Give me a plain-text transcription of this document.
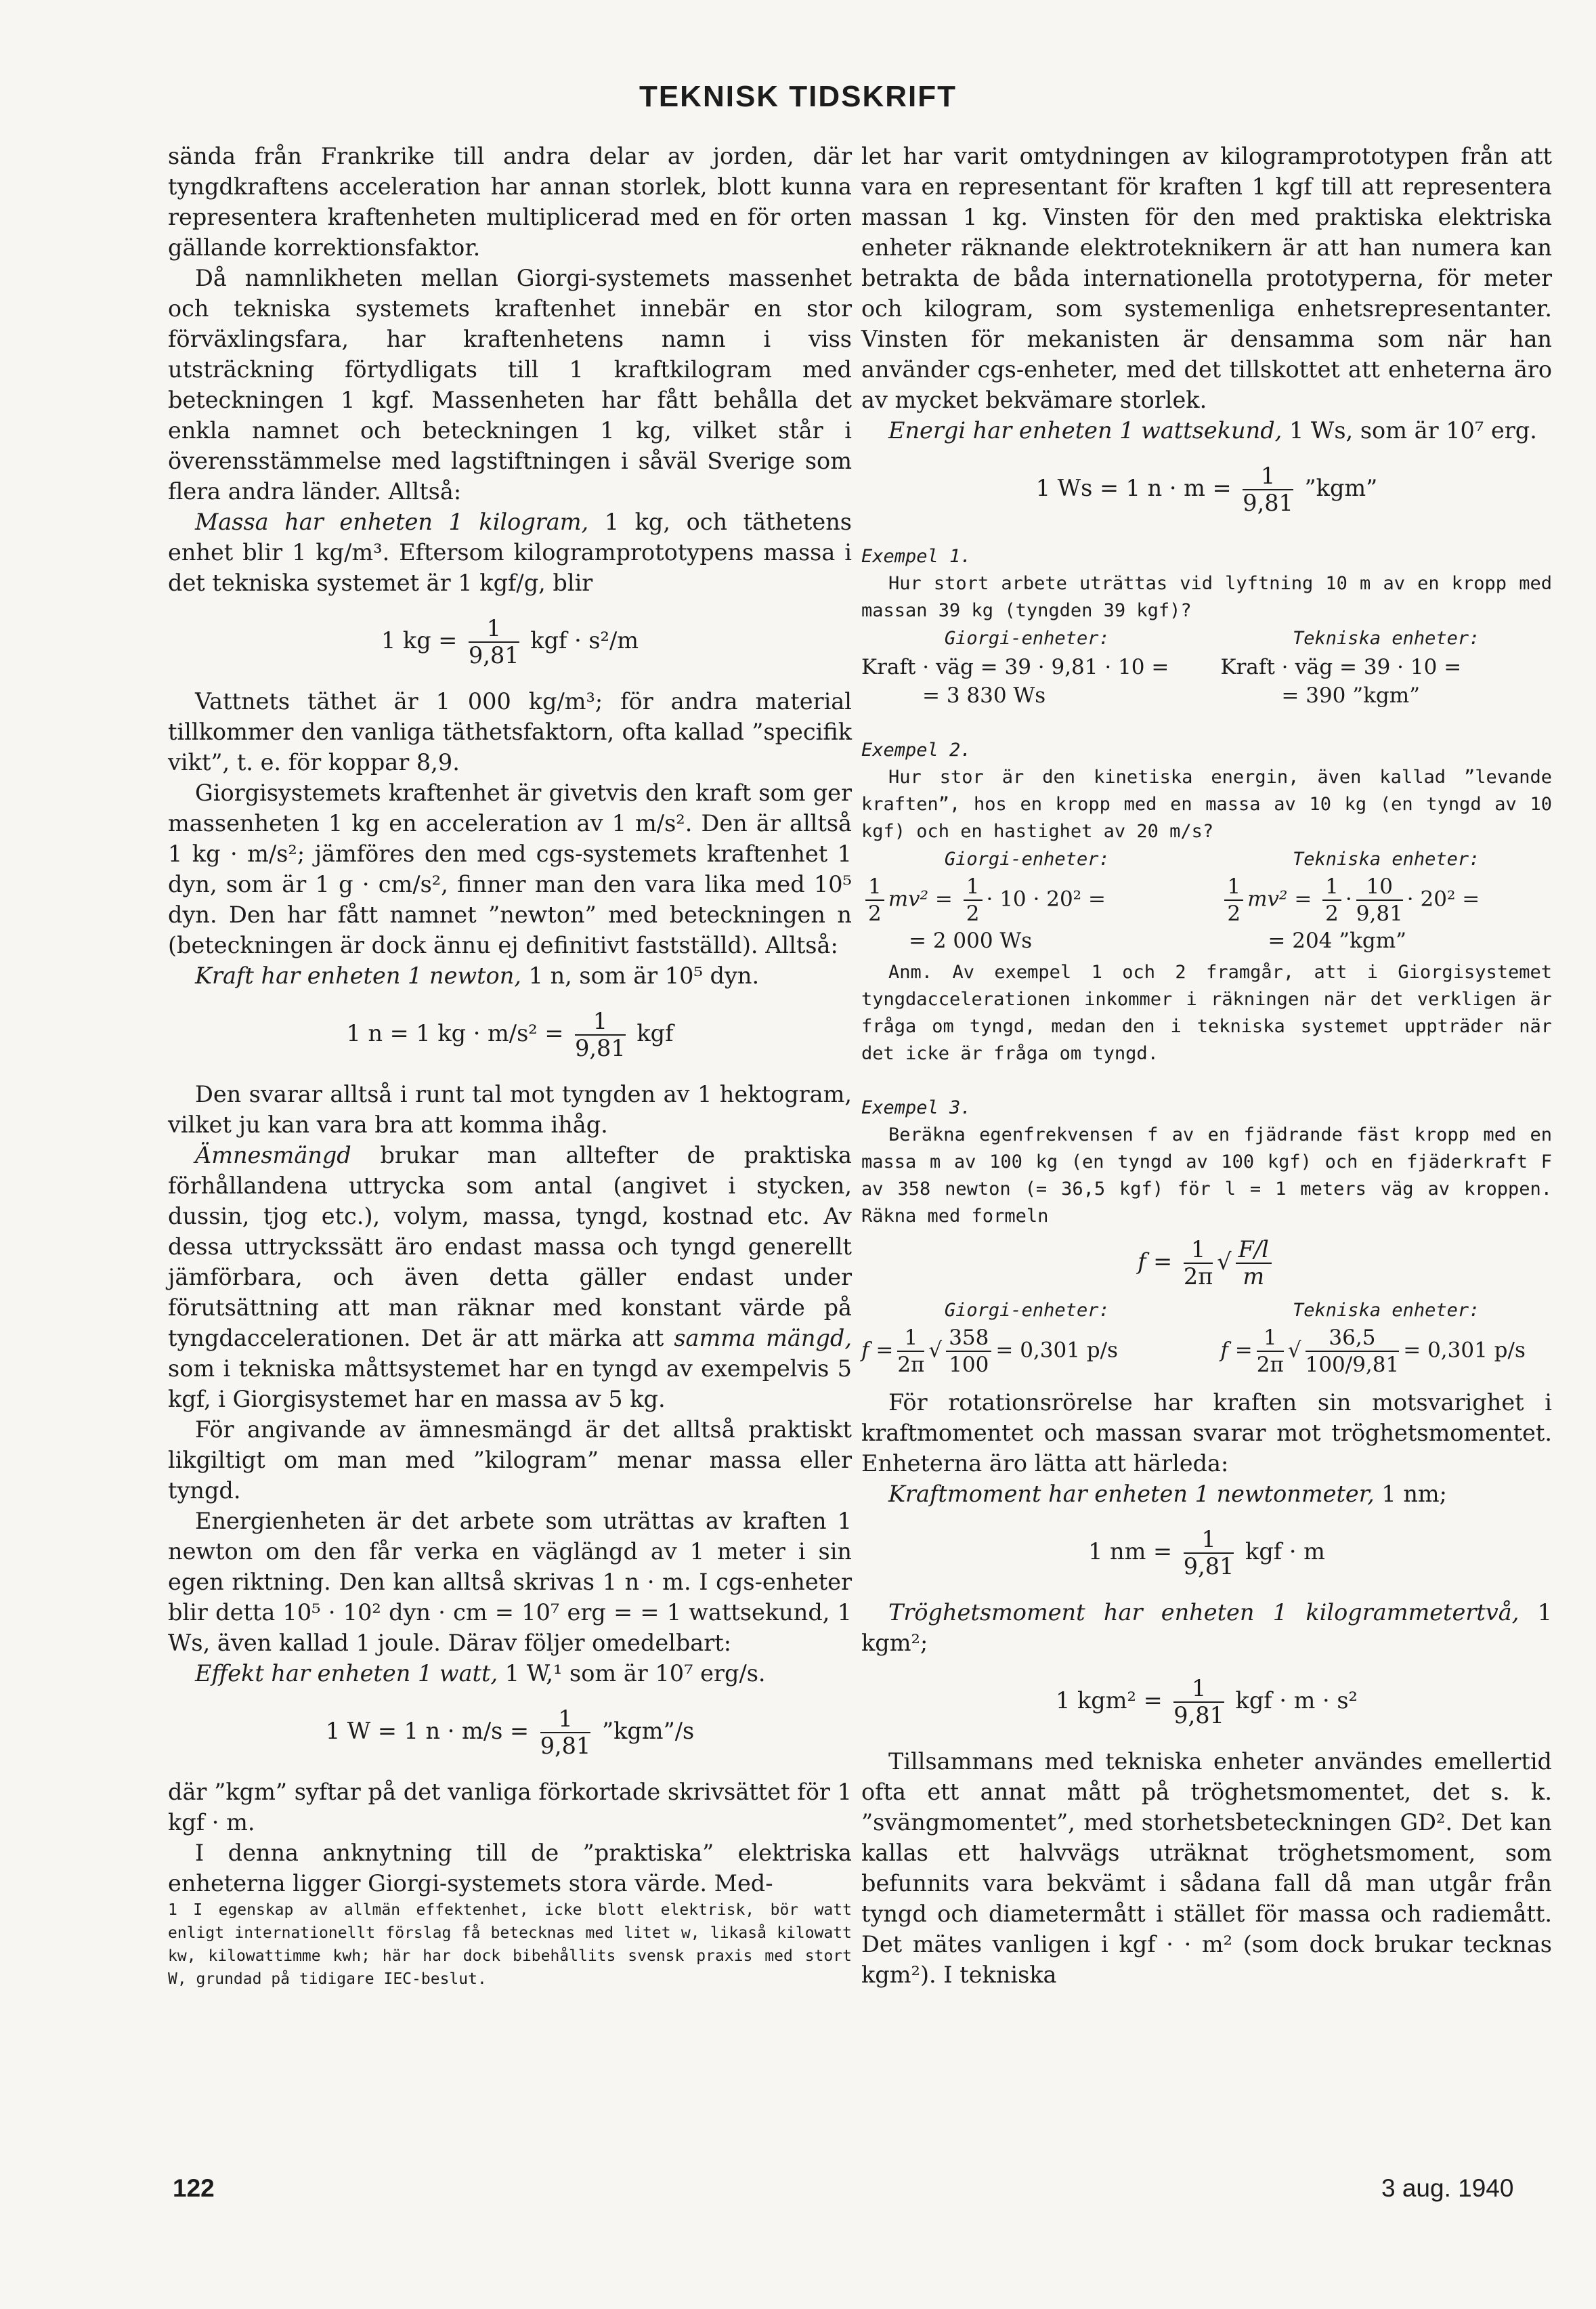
TEKNISK TIDSKRIFT

sända från Frankrike till andra delar av jorden, där tyngdkraftens acceleration har annan storlek, blott kunna representera kraftenheten multiplicerad med en för orten gällande korrektionsfaktor.

Då namnlikheten mellan Giorgi-systemets massenhet och tekniska systemets kraftenhet innebär en stor förväxlingsfara, har kraftenhetens namn i viss utsträckning förtydligats till 1 kraftkilogram med beteckningen 1 kgf. Massenheten har fått behålla det enkla namnet och beteckningen 1 kg, vilket står i överensstämmelse med lagstiftningen i såväl Sverige som flera andra länder. Alltså:

Massa har enheten 1 kilogram, 1 kg, och täthetens enhet blir 1 kg/m³. Eftersom kilogramprototypens massa i det tekniska systemet är 1 kgf/g, blir

1 kg = $\frac{1}{9,81}$ kgf · s²/m

Vattnets täthet är 1 000 kg/m³; för andra material tillkommer den vanliga täthetsfaktorn, ofta kallad ”specifik vikt”, t. e. för koppar 8,9.

Giorgisystemets kraftenhet är givetvis den kraft som ger massenheten 1 kg en acceleration av 1 m/s². Den är alltså 1 kg · m/s²; jämföres den med cgs-systemets kraftenhet 1 dyn, som är 1 g · cm/s², finner man den vara lika med 10⁵ dyn. Den har fått namnet ”newton” med beteckningen n (beteckningen är dock ännu ej definitivt fastställd). Alltså:

Kraft har enheten 1 newton, 1 n, som är 10⁵ dyn.

1 n = 1 kg · $m/s^2 = \frac{1}{9,81}$ kgf

Den svarar alltså i runt tal mot tyngden av 1 hektogram, vilket ju kan vara bra att komma ihåg.

Ämnesmängd brukar man alltefter de praktiska förhållandena uttrycka som antal (angivet i stycken, dussin, tjog etc.), volym, massa, tyngd, kostnad etc. Av dessa uttryckssätt äro endast massa och tyngd generellt jämförbara, och även detta gäller endast under förutsättning att man räknar med konstant värde på tyngdaccelerationen. Det är att märka att samma mängd, som i tekniska måttsystemet har en tyngd av exempelvis 5 kgf, i Giorgisystemet har en massa av 5 kg.

För angivande av ämnesmängd är det alltså praktiskt likgiltigt om man med ”kilogram” menar massa eller tyngd.

Energienheten är det arbete som uträttas av kraften 1 newton om den får verka en väglängd av 1 meter i sin egen riktning. Den kan alltså skrivas 1 n · m. I cgs-enheter blir detta 10⁵ · 10² dyn · cm = 10⁷ erg = = 1 wattsekund, 1 Ws, även kallad 1 joule. Därav följer omedelbart:

Effekt har enheten 1 watt, 1 W,¹ som är 10⁷ erg/s.

1 W = 1 $n \cdot m/s = \frac{1}{9,81}$ ”kgm”/s

där ”kgm” syftar på det vanliga förkortade skrivsättet för 1 kgf · m.

I denna anknytning till de ”praktiska” elektriska enheterna ligger Giorgi-systemets stora värde. Med-

1 I egenskap av allmän effektenhet, icke blott elektrisk, bör watt enligt internationellt förslag få betecknas med litet w, likaså kilowatt kw, kilowattimme kwh; här har dock bibehållits svensk praxis med stort W, grundad på tidigare IEC-beslut.

let har varit omtydningen av kilogramprototypen från att vara en representant för kraften 1 kgf till att representera massan 1 kg. Vinsten för den med praktiska elektriska enheter räknande elektroteknikern är att han numera kan betrakta de båda internationella prototyperna, för meter och kilogram, som systemenliga enhetsrepresentanter. Vinsten för mekanisten är densamma som när han använder cgs-enheter, med det tillskottet att enheterna äro av mycket bekvämare storlek.

Energi har enheten 1 wattsekund, 1 Ws, som är 10⁷ erg.

1 Ws = 1 $n \cdot m = \frac{1}{9,81}$ ”kgm”
Exempel 1.

Hur stort arbete uträttas vid lyftning 10 m av en kropp med massan 39 kg (tyngden 39 kgf)?

Giorgi-enheter:
Kraft · väg = 39 · 9,81 · 10 =
= 3 830 Ws
Tekniska enheter:
Kraft · väg = 39 · 10 =
= 390 ”kgm”
Exempel 2.

Hur stor är den kinetiska energin, även kallad ”levande kraften”, hos en kropp med en massa av 10 kg (en tyngd av 10 kgf) och en hastighet av 20 m/s?

Giorgi-enheter:
$\frac{1}{2} mv^2 = \frac{1}{2} \cdot 10 \cdot 20^2$ =
= 2 000 Ws
Tekniska enheter:
$\frac{1}{2} mv^2 = \frac{1}{2} \cdot \frac{10}{9,81} \cdot 20^2$ =
= 204 ”kgm”

Anm. Av exempel 1 och 2 framgår, att i Giorgisystemet tyngdaccelerationen inkommer i räkningen när det verkligen är fråga om tyngd, medan den i tekniska systemet uppträder när det icke är fråga om tyngd.

Exempel 3.

Beräkna egenfrekvensen f av en fjädrande fäst kropp med en massa m av 100 kg (en tyngd av 100 kgf) och en fjäderkraft F av 358 newton (= 36,5 kgf) för l = 1 meters väg av kroppen. Räkna med formeln

$f = \frac{1}{2\pi}$ √ $\frac{F/l}{m}$
Giorgi-enheter:
$f = \frac{1}{2\pi}$ √ $\frac{358}{100} = 0,301$ p/s
Tekniska enheter:
$f = \frac{1}{2\pi}$ √ $\frac{36,5}{100/9,81} = 0,301$ p/s

För rotationsrörelse har kraften sin motsvarighet i kraftmomentet och massan svarar mot tröghetsmomentet. Enheterna äro lätta att härleda:

Kraftmoment har enheten 1 newtonmeter, 1 nm;

1 nm = $\frac{1}{9,81}$ kgf · m

Tröghetsmoment har enheten 1 kilogrammetertvå, 1 kgm²;

1 $kgm^2 = \frac{1}{9,81}$ kgf · m · s²

Tillsammans med tekniska enheter användes emellertid ofta ett annat mått på tröghetsmomentet, det s. k. ”svängmomentet”, med storhetsbeteckningen GD². Det kan kallas ett halvvägs uträknat tröghetsmoment, som befunnits vara bekvämt i sådana fall då man utgår från tyngd och diametermått i stället för massa och radiemått. Det mätes vanligen i kgf · · m² (som dock brukar tecknas kgm²). I tekniska

122	3 aug. 1940
